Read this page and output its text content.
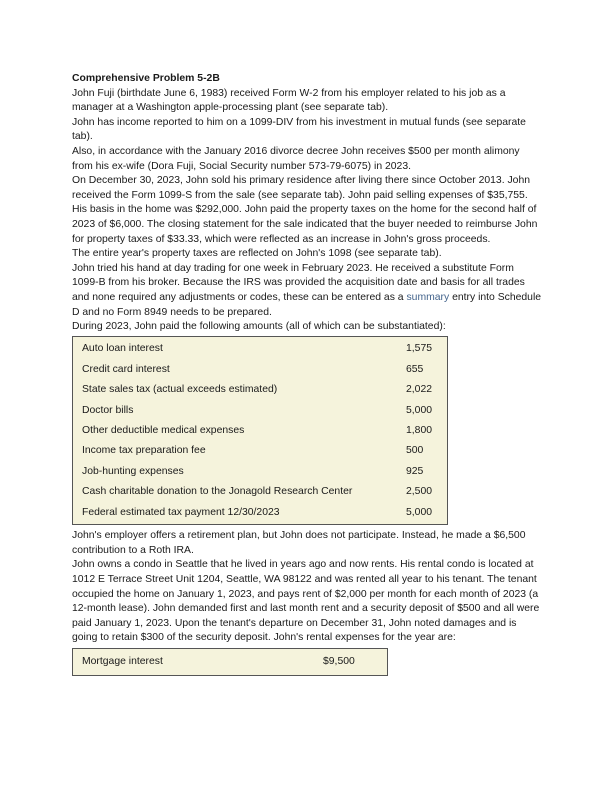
Comprehensive Problem 5-2B

John Fuji (birthdate June 6, 1983) received Form W-2 from his employer related to his job as a manager at a Washington apple-processing plant (see separate tab).

John has income reported to him on a 1099-DIV from his investment in mutual funds (see separate tab).

Also, in accordance with the January 2016 divorce decree John receives $500 per month alimony from his ex-wife (Dora Fuji, Social Security number 573-79-6075) in 2023.

On December 30, 2023, John sold his primary residence after living there since October 2013. John received the Form 1099-S from the sale (see separate tab). John paid selling expenses of $35,755. His basis in the home was $292,000. John paid the property taxes on the home for the second half of 2023 of $6,000. The closing statement for the sale indicated that the buyer needed to reimburse John for property taxes of $33.33, which were reflected as an increase in John's gross proceeds.

The entire year's property taxes are reflected on John's 1098 (see separate tab).

John tried his hand at day trading for one week in February 2023. He received a substitute Form 1099-B from his broker. Because the IRS was provided the acquisition date and basis for all trades and none required any adjustments or codes, these can be entered as a summary entry into Schedule D and no Form 8949 needs to be prepared.

During 2023, John paid the following amounts (all of which can be substantiated):

Auto loan interest	1,575
Credit card interest	655
State sales tax (actual exceeds estimated)	2,022
Doctor bills	5,000
Other deductible medical expenses	1,800
Income tax preparation fee	500
Job-hunting expenses	925
Cash charitable donation to the Jonagold Research Center	2,500
Federal estimated tax payment 12/30/2023	5,000

John's employer offers a retirement plan, but John does not participate. Instead, he made a $6,500 contribution to a Roth IRA.

John owns a condo in Seattle that he lived in years ago and now rents. His rental condo is located at 1012 E Terrace Street Unit 1204, Seattle, WA 98122 and was rented all year to his tenant. The tenant occupied the home on January 1, 2023, and pays rent of $2,000 per month for each month of 2023 (a 12-month lease). John demanded first and last month rent and a security deposit of $500 and all were paid January 1, 2023. Upon the tenant's departure on December 31, John noted damages and is going to retain $300 of the security deposit. John's rental expenses for the year are:

Mortgage interest	$9,500
